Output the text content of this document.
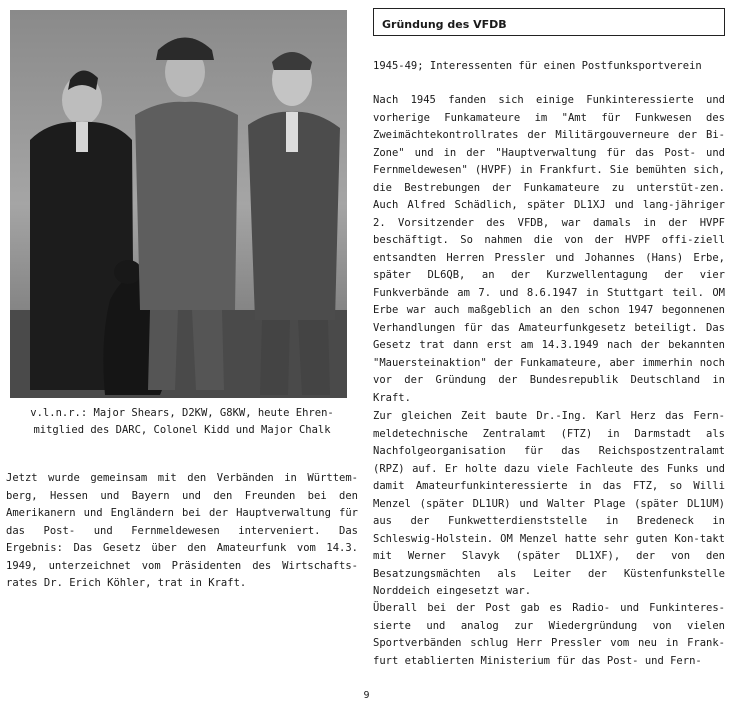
v.l.n.r.: Major Shears, D2KW, G8KW, heute Ehren-mitglied des DARC, Colonel Kidd und Major Chalk

Jetzt wurde gemeinsam mit den Verbänden in Württem-berg, Hessen und Bayern und den Freunden bei den Amerikanern und Engländern bei der Hauptverwaltung für das Post- und Fernmeldewesen interveniert. Das Ergebnis: Das Gesetz über den Amateurfunk vom 14.3. 1949, unterzeichnet vom Präsidenten des Wirtschafts-rates Dr. Erich Köhler, trat in Kraft.

Gründung des VFDB

1945-49; Interessenten für einen Postfunksportverein

Nach 1945 fanden sich einige Funkinteressierte und vorherige Funkamateure im "Amt für Funkwesen des Zweimächtekontrollrates der Militärgouverneure der Bi-Zone" und in der "Hauptverwaltung für das Post- und Fernmeldewesen" (HVPF) in Frankfurt. Sie bemühten sich, die Bestrebungen der Funkamateure zu unterstüt-zen. Auch Alfred Schädlich, später DL1XJ und lang-jähriger 2. Vorsitzender des VFDB, war damals in der HVPF beschäftigt. So nahmen die von der HVPF offi-ziell entsandten Herren Pressler und Johannes (Hans) Erbe, später DL6QB, an der Kurzwellentagung der vier Funkverbände am 7. und 8.6.1947 in Stuttgart teil. OM Erbe war auch maßgeblich an den schon 1947 begonnenen Verhandlungen für das Amateurfunkgesetz beteiligt. Das Gesetz trat dann erst am 14.3.1949 nach der bekannten "Mauersteinaktion" der Funkamateure, aber immerhin noch vor der Gründung der Bundesrepublik Deutschland in Kraft.

Zur gleichen Zeit baute Dr.-Ing. Karl Herz das Fern-meldetechnische Zentralamt (FTZ) in Darmstadt als Nachfolgeorganisation für das Reichspostzentralamt (RPZ) auf. Er holte dazu viele Fachleute des Funks und damit Amateurfunkinteressierte in das FTZ, so Willi Menzel (später DL1UR) und Walter Plage (später DL1UM) aus der Funkwetterdienststelle in Bredeneck in Schleswig-Holstein. OM Menzel hatte sehr guten Kon-takt mit Werner Slavyk (später DL1XF), der von den Besatzungsmächten als Leiter der Küstenfunkstelle Norddeich eingesetzt war.

Überall bei der Post gab es Radio- und Funkinteres-sierte und analog zur Wiedergründung von vielen Sportverbänden schlug Herr Pressler vom neu in Frank-furt etablierten Ministerium für das Post- und Fern-

9
